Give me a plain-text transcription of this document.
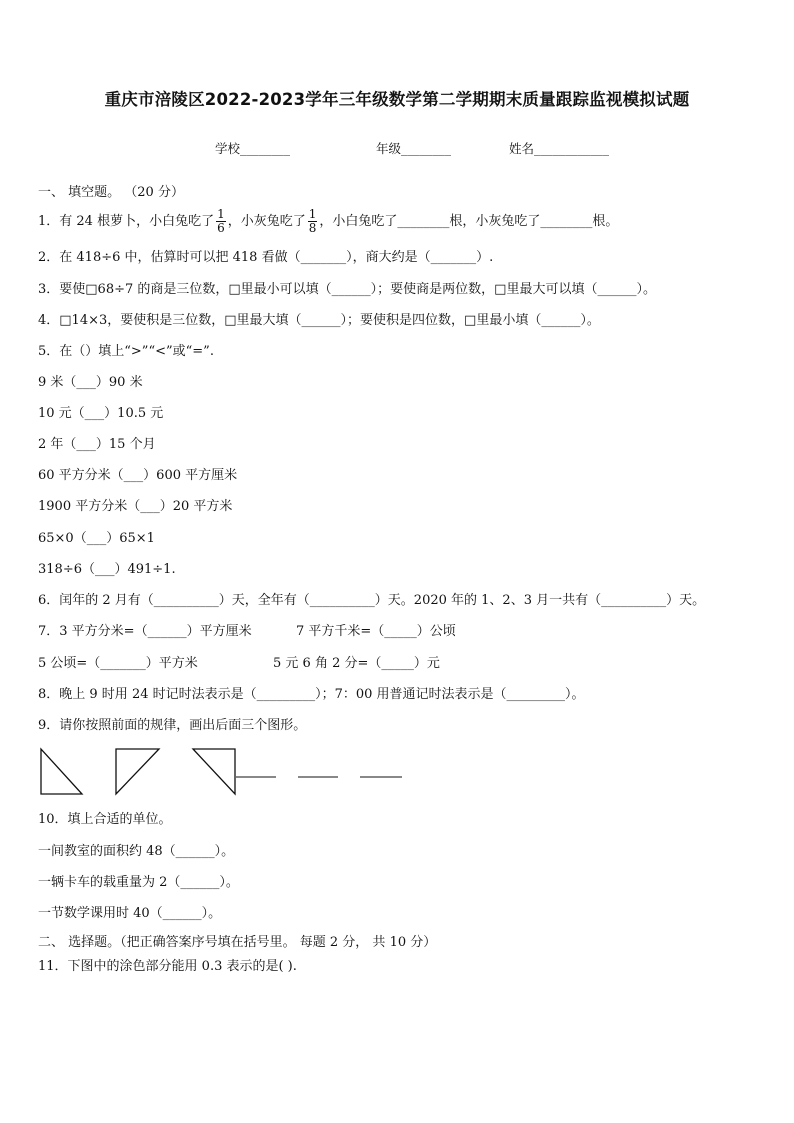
重庆市涪陵区2022-2023学年三年级数学第二学期期末质量跟踪监视模拟试题
学校________	年级________	姓名____________
一、 填空题。 （20 分）
1．有 24 根萝卜，小白兔吃了 $\frac{1}{6}$ ，小灰兔吃了 $\frac{1}{8}$ ，小白兔吃了________根，小灰兔吃了________根。
2．在 418÷6 中，估算时可以把 418 看做（_______），商大约是（_______）.
3．要使□68÷7 的商是三位数，□里最小可以填（______）；要使商是两位数，□里最大可以填（______）。
4．□14×3，要使积是三位数，□里最大填（______）；要使积是四位数，□里最小填（______）。
5．在（）填上“>”“<”或“=”.
9 米（___）90 米
10 元（___）10.5 元
2 年（___）15 个月
60 平方分米（___）600 平方厘米
1900 平方分米（___）20 平方米
65×0（___）65×1
318÷6（___）491÷1.
6．闰年的 2 月有（__________）天，全年有（__________）天。2020 年的 1、2、3 月一共有（__________）天。
7．3 平方分米=（______）平方厘米	7 平方千米=（_____）公顷
5 公顷=（_______）平方米	5 元 6 角 2 分=（_____）元
8．晚上 9 时用 24 时记时法表示是（_________）；7：00 用普通记时法表示是（_________）。
9．请你按照前面的规律，画出后面三个图形。
10．填上合适的单位。
一间教室的面积约 48（______）。
一辆卡车的载重量为 2（______）。
一节数学课用时 40（______）。
二、 选择题。（把正确答案序号填在括号里。 每题 2 分， 共 10 分）
11．下图中的涂色部分能用 0.3 表示的是( ).
